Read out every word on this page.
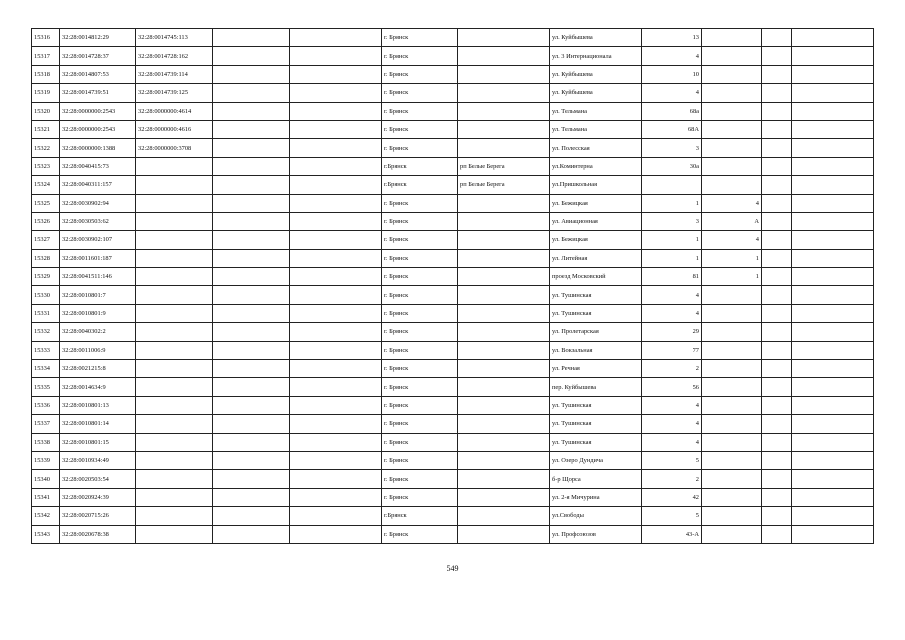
15316	32:28:0014812:29	32:28:0014745:113			г. Брянск		ул. Куйбышева	13			
15317	32:28:0014728:37	32:28:0014728:162			г. Брянск		ул. 3 Интернационала	4			
15318	32:28:0014807:53	32:28:0014739:114			г. Брянск		ул. Куйбышева	10			
15319	32:28:0014739:51	32:28:0014739:125			г. Брянск		ул. Куйбышева	4			
15320	32:28:0000000:2543	32:28:0000000:4614			г. Брянск		ул. Тельмана	68а			
15321	32:28:0000000:2543	32:28:0000000:4616			г. Брянск		ул. Тельмана	68А			
15322	32:28:0000000:1388	32:28:0000000:3708			г. Брянск		ул. Полесская	3			
15323	32:28:0040415:73				г.Брянск	рп Белые Берега	ул.Коминтерна	30а			
15324	32:28:0040311:157				г.Брянск	рп Белые Берега	ул.Пришкольная				
15325	32:28:0030902:94				г. Брянск		ул. Бежицкая	1	4		
15326	32:28:0030503:62				г. Брянск		ул. Авиационная	3	А		
15327	32:28:0030902:107				г. Брянск		ул. Бежицкая	1	4		
15328	32:28:0011601:187				г. Брянск		ул. Литейная	1	1		
15329	32:28:0041511:146				г. Брянск		проезд Московский	81	1		
15330	32:28:0010801:7				г. Брянск		ул. Тушинская	4			
15331	32:28:0010801:9				г. Брянск		ул. Тушинская	4			
15332	32:28:0040302:2				г. Брянск		ул. Пролетарская	29			
15333	32:28:0011006:9				г. Брянск		ул. Вокзальная	77			
15334	32:28:0021215:8				г. Брянск		ул. Речная	2			
15335	32:28:0014634:9				г. Брянск		пер. Куйбышева	56			
15336	32:28:0010801:13				г. Брянск		ул. Тушинская	4			
15337	32:28:0010801:14				г. Брянск		ул. Тушинская	4			
15338	32:28:0010801:15				г. Брянск		ул. Тушинская	4			
15339	32:28:0010934:49				г. Брянск		ул. Озеро Дундича	5			
15340	32:28:0020503:54				г. Брянск		б-р Щорса	2			
15341	32:28:0020924:39				г. Брянск		ул. 2-я Мичурина	42			
15342	32:28:0020715:26				г.Брянск		ул.Свободы	5			
15343	32:28:0020678:38				г. Брянск		ул. Профсоюзов	43-А			
549
